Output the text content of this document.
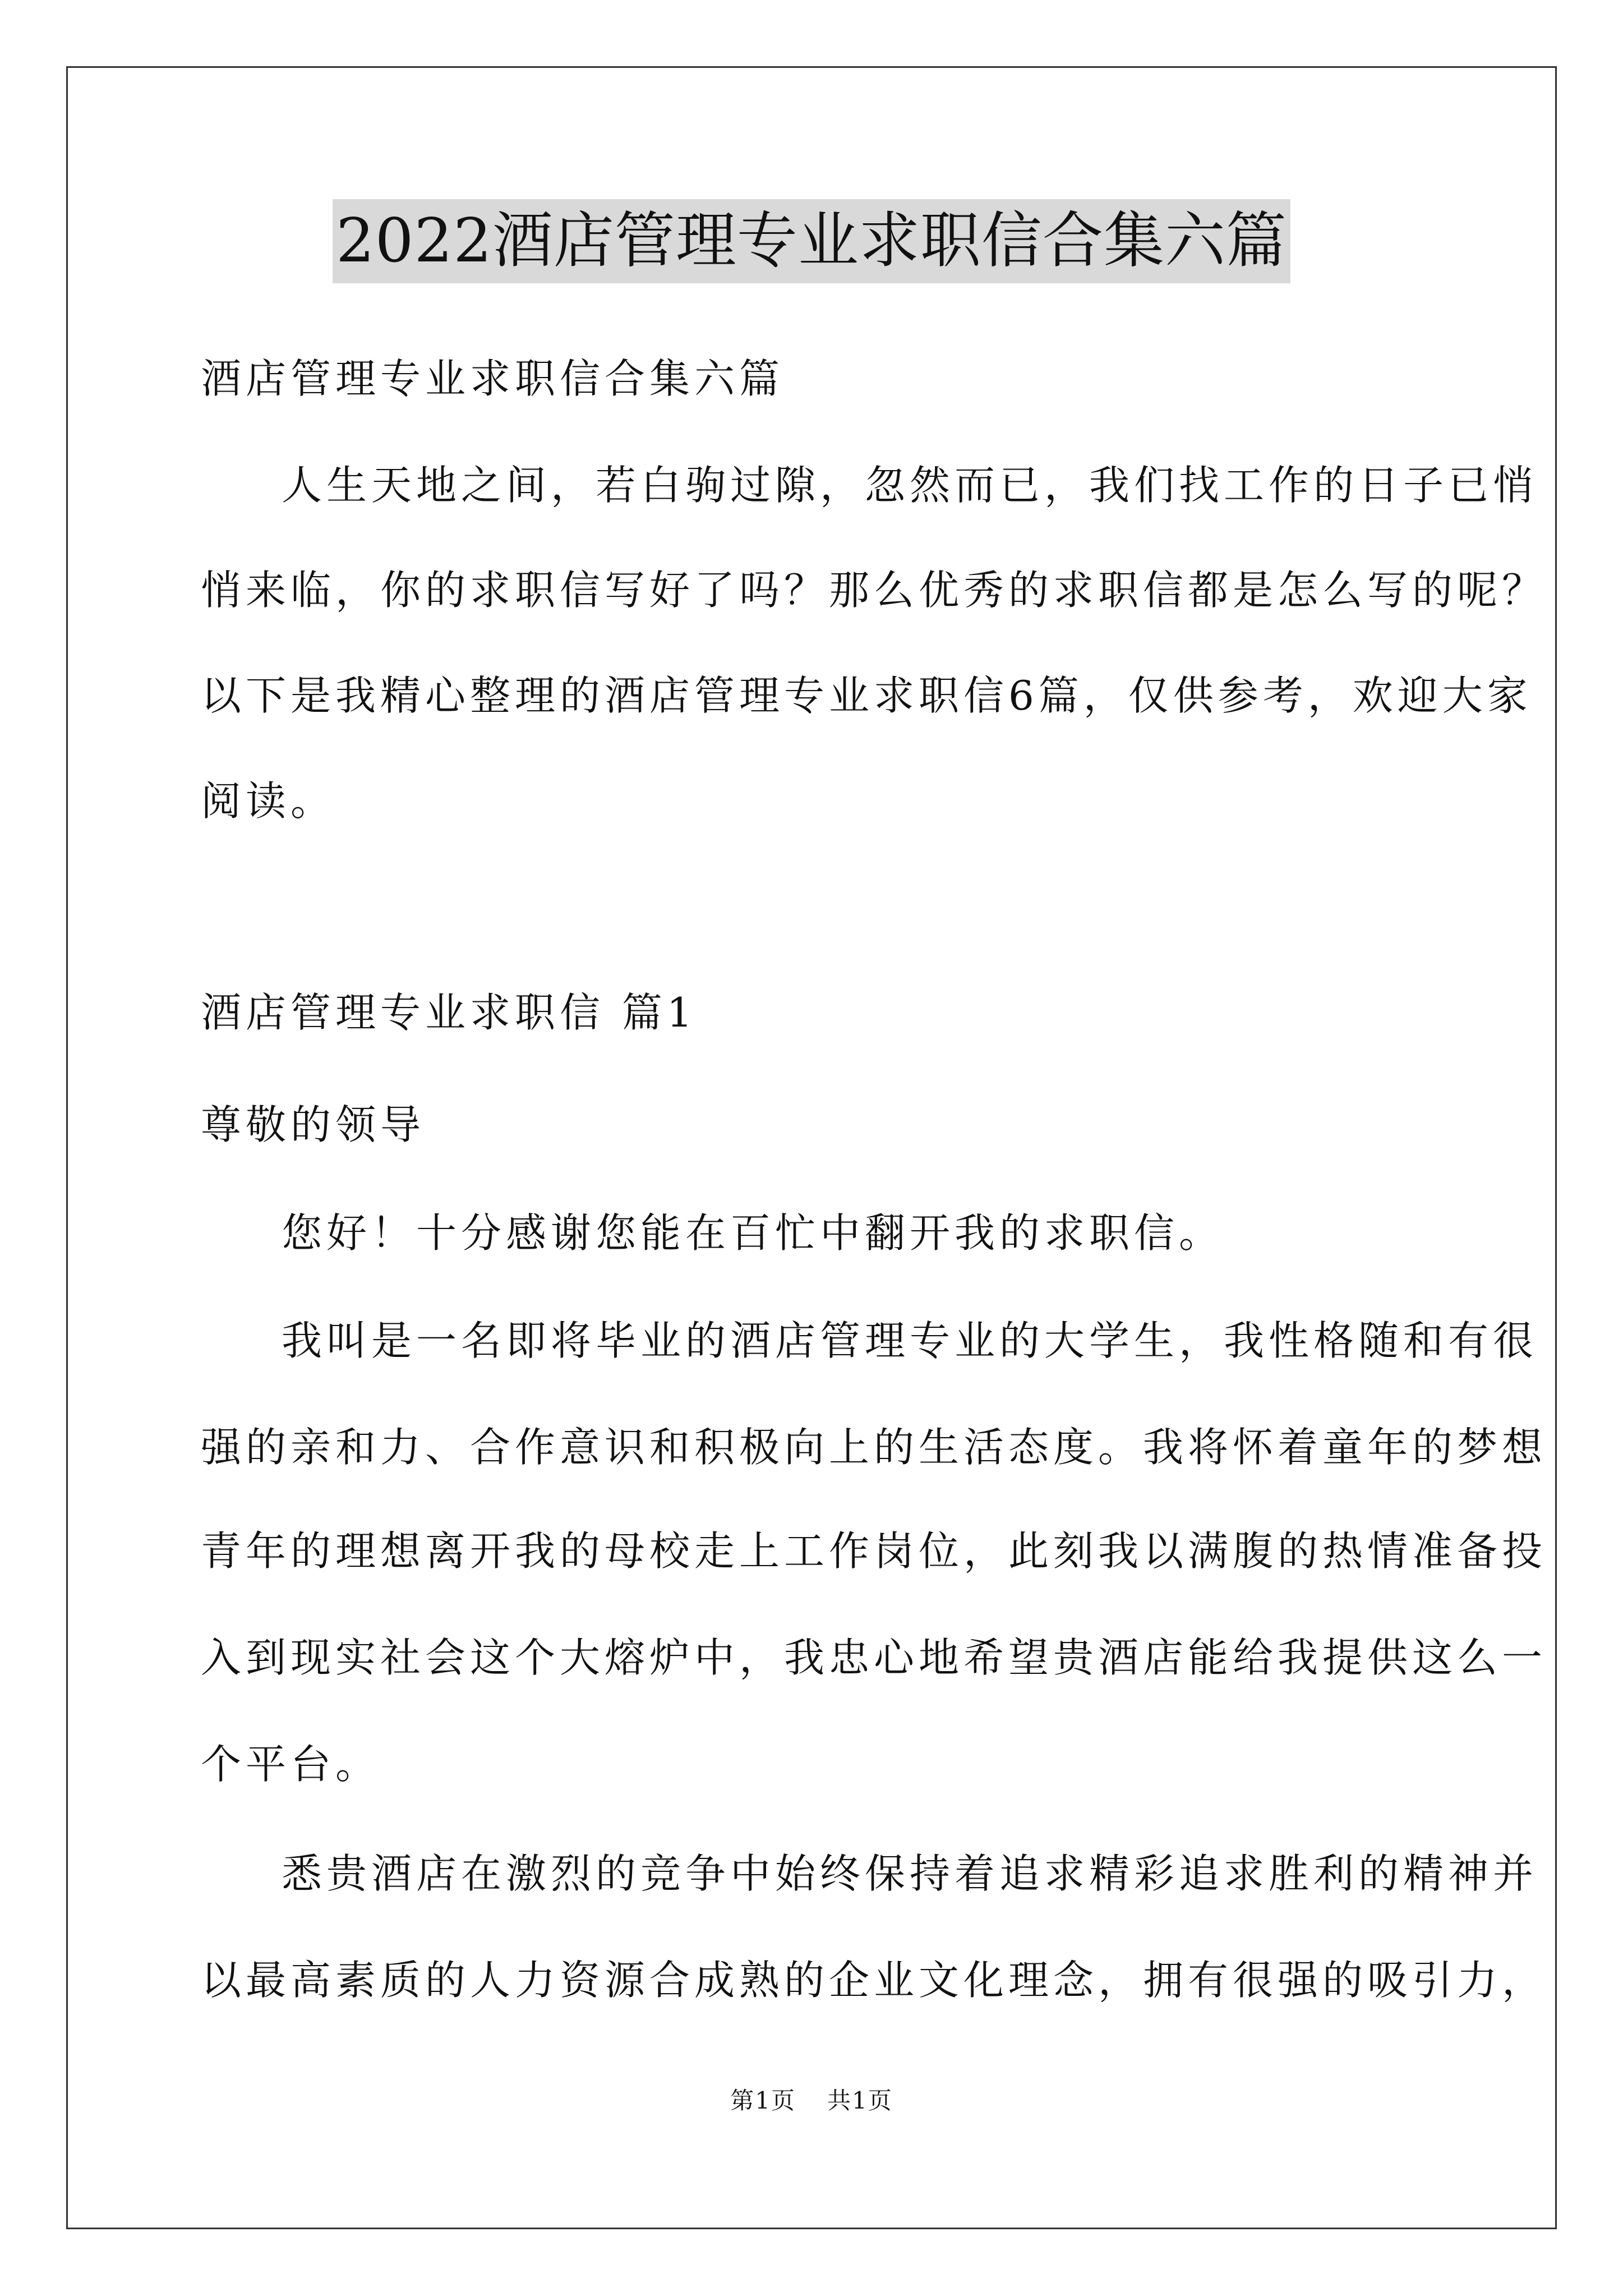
2022酒店管理专业求职信合集六篇
酒店管理专业求职信合集六篇
人生天地之间，若白驹过隙，忽然而已，我们找工作的日子已悄
悄来临，你的求职信写好了吗？那么优秀的求职信都是怎么写的呢？
以下是我精心整理的酒店管理专业求职信6篇，仅供参考，欢迎大家
阅读。
酒店管理专业求职信 篇1
尊敬的领导
您好！十分感谢您能在百忙中翻开我的求职信。
我叫是一名即将毕业的酒店管理专业的大学生，我性格随和有很
强的亲和力、合作意识和积极向上的生活态度。我将怀着童年的梦想
青年的理想离开我的母校走上工作岗位，此刻我以满腹的热情准备投
入到现实社会这个大熔炉中，我忠心地希望贵酒店能给我提供这么一
个平台。
悉贵酒店在激烈的竞争中始终保持着追求精彩追求胜利的精神并
以最高素质的人力资源合成熟的企业文化理念，拥有很强的吸引力，
第1页 共1页
